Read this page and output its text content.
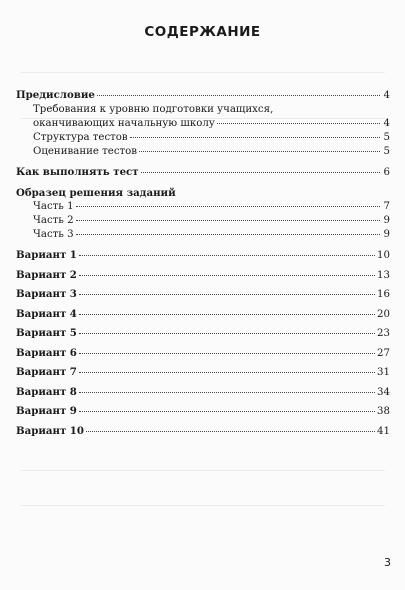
СОДЕРЖАНИЕ
Предисловие	4
Требования к уровню подготовки учащихся,
оканчивающих начальную школу	4
Структура тестов	5
Оценивание тестов	5
Как выполнять тест	6
Образец решения заданий
Часть 1	7
Часть 2	9
Часть 3	9
Вариант 1	10
Вариант 2	13
Вариант 3	16
Вариант 4	20
Вариант 5	23
Вариант 6	27
Вариант 7	31
Вариант 8	34
Вариант 9	38
Вариант 10	41
3
